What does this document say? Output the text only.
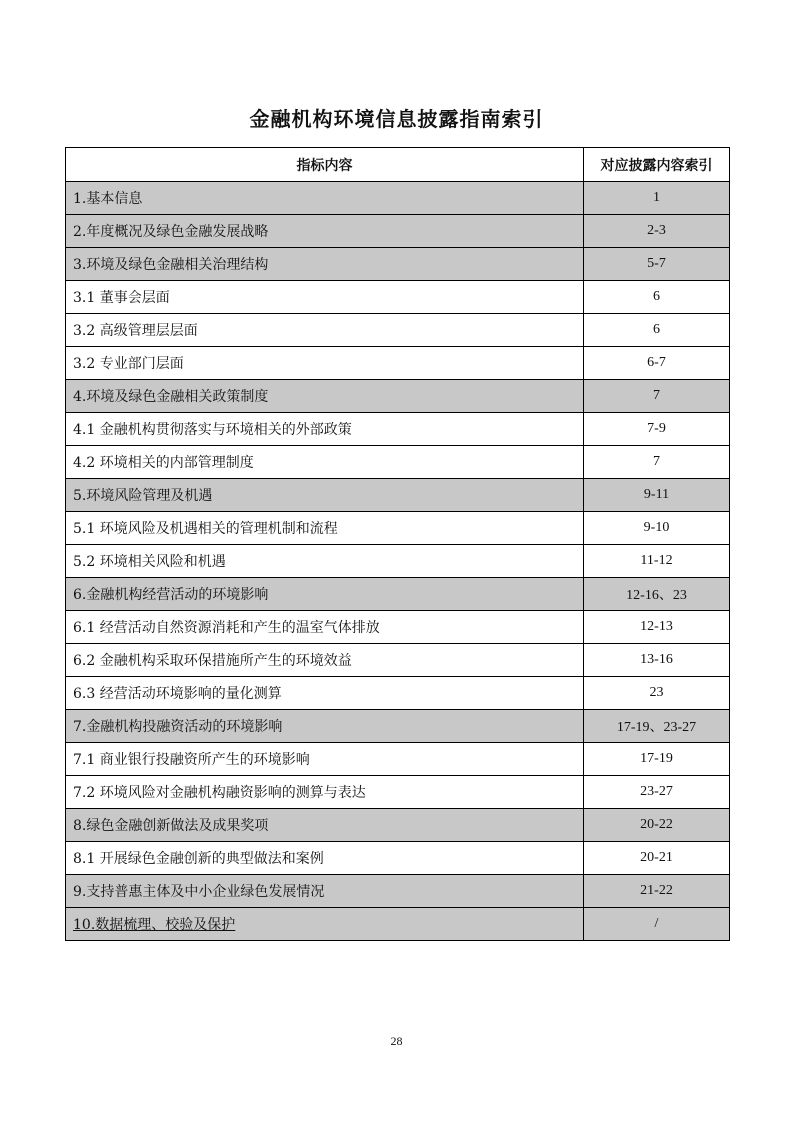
金融机构环境信息披露指南索引
指标内容	对应披露内容索引
1.基本信息	1
2.年度概况及绿色金融发展战略	2-3
3.环境及绿色金融相关治理结构	5-7
3.1 董事会层面	6
3.2 高级管理层层面	6
3.2 专业部门层面	6-7
4.环境及绿色金融相关政策制度	7
4.1 金融机构贯彻落实与环境相关的外部政策	7-9
4.2 环境相关的内部管理制度	7
5.环境风险管理及机遇	9-11
5.1 环境风险及机遇相关的管理机制和流程	9-10
5.2 环境相关风险和机遇	11-12
6.金融机构经营活动的环境影响	12-16、23
6.1 经营活动自然资源消耗和产生的温室气体排放	12-13
6.2 金融机构采取环保措施所产生的环境效益	13-16
6.3 经营活动环境影响的量化测算	23
7.金融机构投融资活动的环境影响	17-19、23-27
7.1 商业银行投融资所产生的环境影响	17-19
7.2 环境风险对金融机构融资影响的测算与表达	23-27
8.绿色金融创新做法及成果奖项	20-22
8.1 开展绿色金融创新的典型做法和案例	20-21
9.支持普惠主体及中小企业绿色发展情况	21-22
10.数据梳理、校验及保护	/
28
